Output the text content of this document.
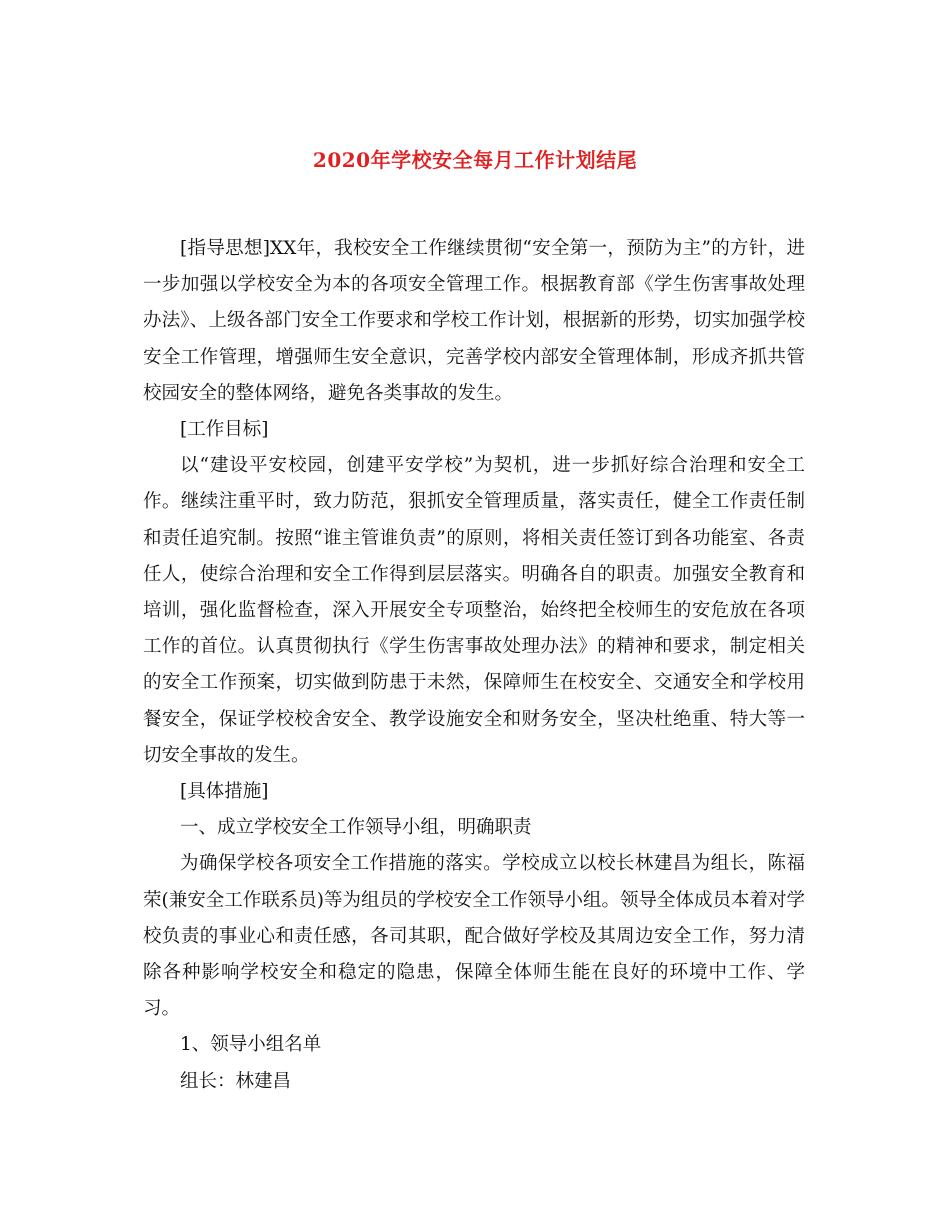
2020年学校安全每月工作计划结尾

[指导思想]XX年，我校安全工作继续贯彻“安全第一，预防为主”的方针，进一步加强以学校安全为本的各项安全管理工作。根据教育部《学生伤害事故处理办法》、上级各部门安全工作要求和学校工作计划，根据新的形势，切实加强学校安全工作管理，增强师生安全意识，完善学校内部安全管理体制，形成齐抓共管校园安全的整体网络，避免各类事故的发生。

[工作目标]

以“建设平安校园，创建平安学校”为契机，进一步抓好综合治理和安全工作。继续注重平时，致力防范，狠抓安全管理质量，落实责任，健全工作责任制和责任追究制。按照“谁主管谁负责”的原则，将相关责任签订到各功能室、各责任人，使综合治理和安全工作得到层层落实。明确各自的职责。加强安全教育和培训，强化监督检查，深入开展安全专项整治，始终把全校师生的安危放在各项工作的首位。认真贯彻执行《学生伤害事故处理办法》的精神和要求，制定相关的安全工作预案，切实做到防患于未然，保障师生在校安全、交通安全和学校用餐安全，保证学校校舍安全、教学设施安全和财务安全，坚决杜绝重、特大等一切安全事故的发生。

[具体措施]

一、成立学校安全工作领导小组，明确职责

为确保学校各项安全工作措施的落实。学校成立以校长林建昌为组长，陈福荣(兼安全工作联系员)等为组员的学校安全工作领导小组。领导全体成员本着对学校负责的事业心和责任感，各司其职，配合做好学校及其周边安全工作，努力清除各种影响学校安全和稳定的隐患，保障全体师生能在良好的环境中工作、学习。

1、领导小组名单

组长：林建昌
